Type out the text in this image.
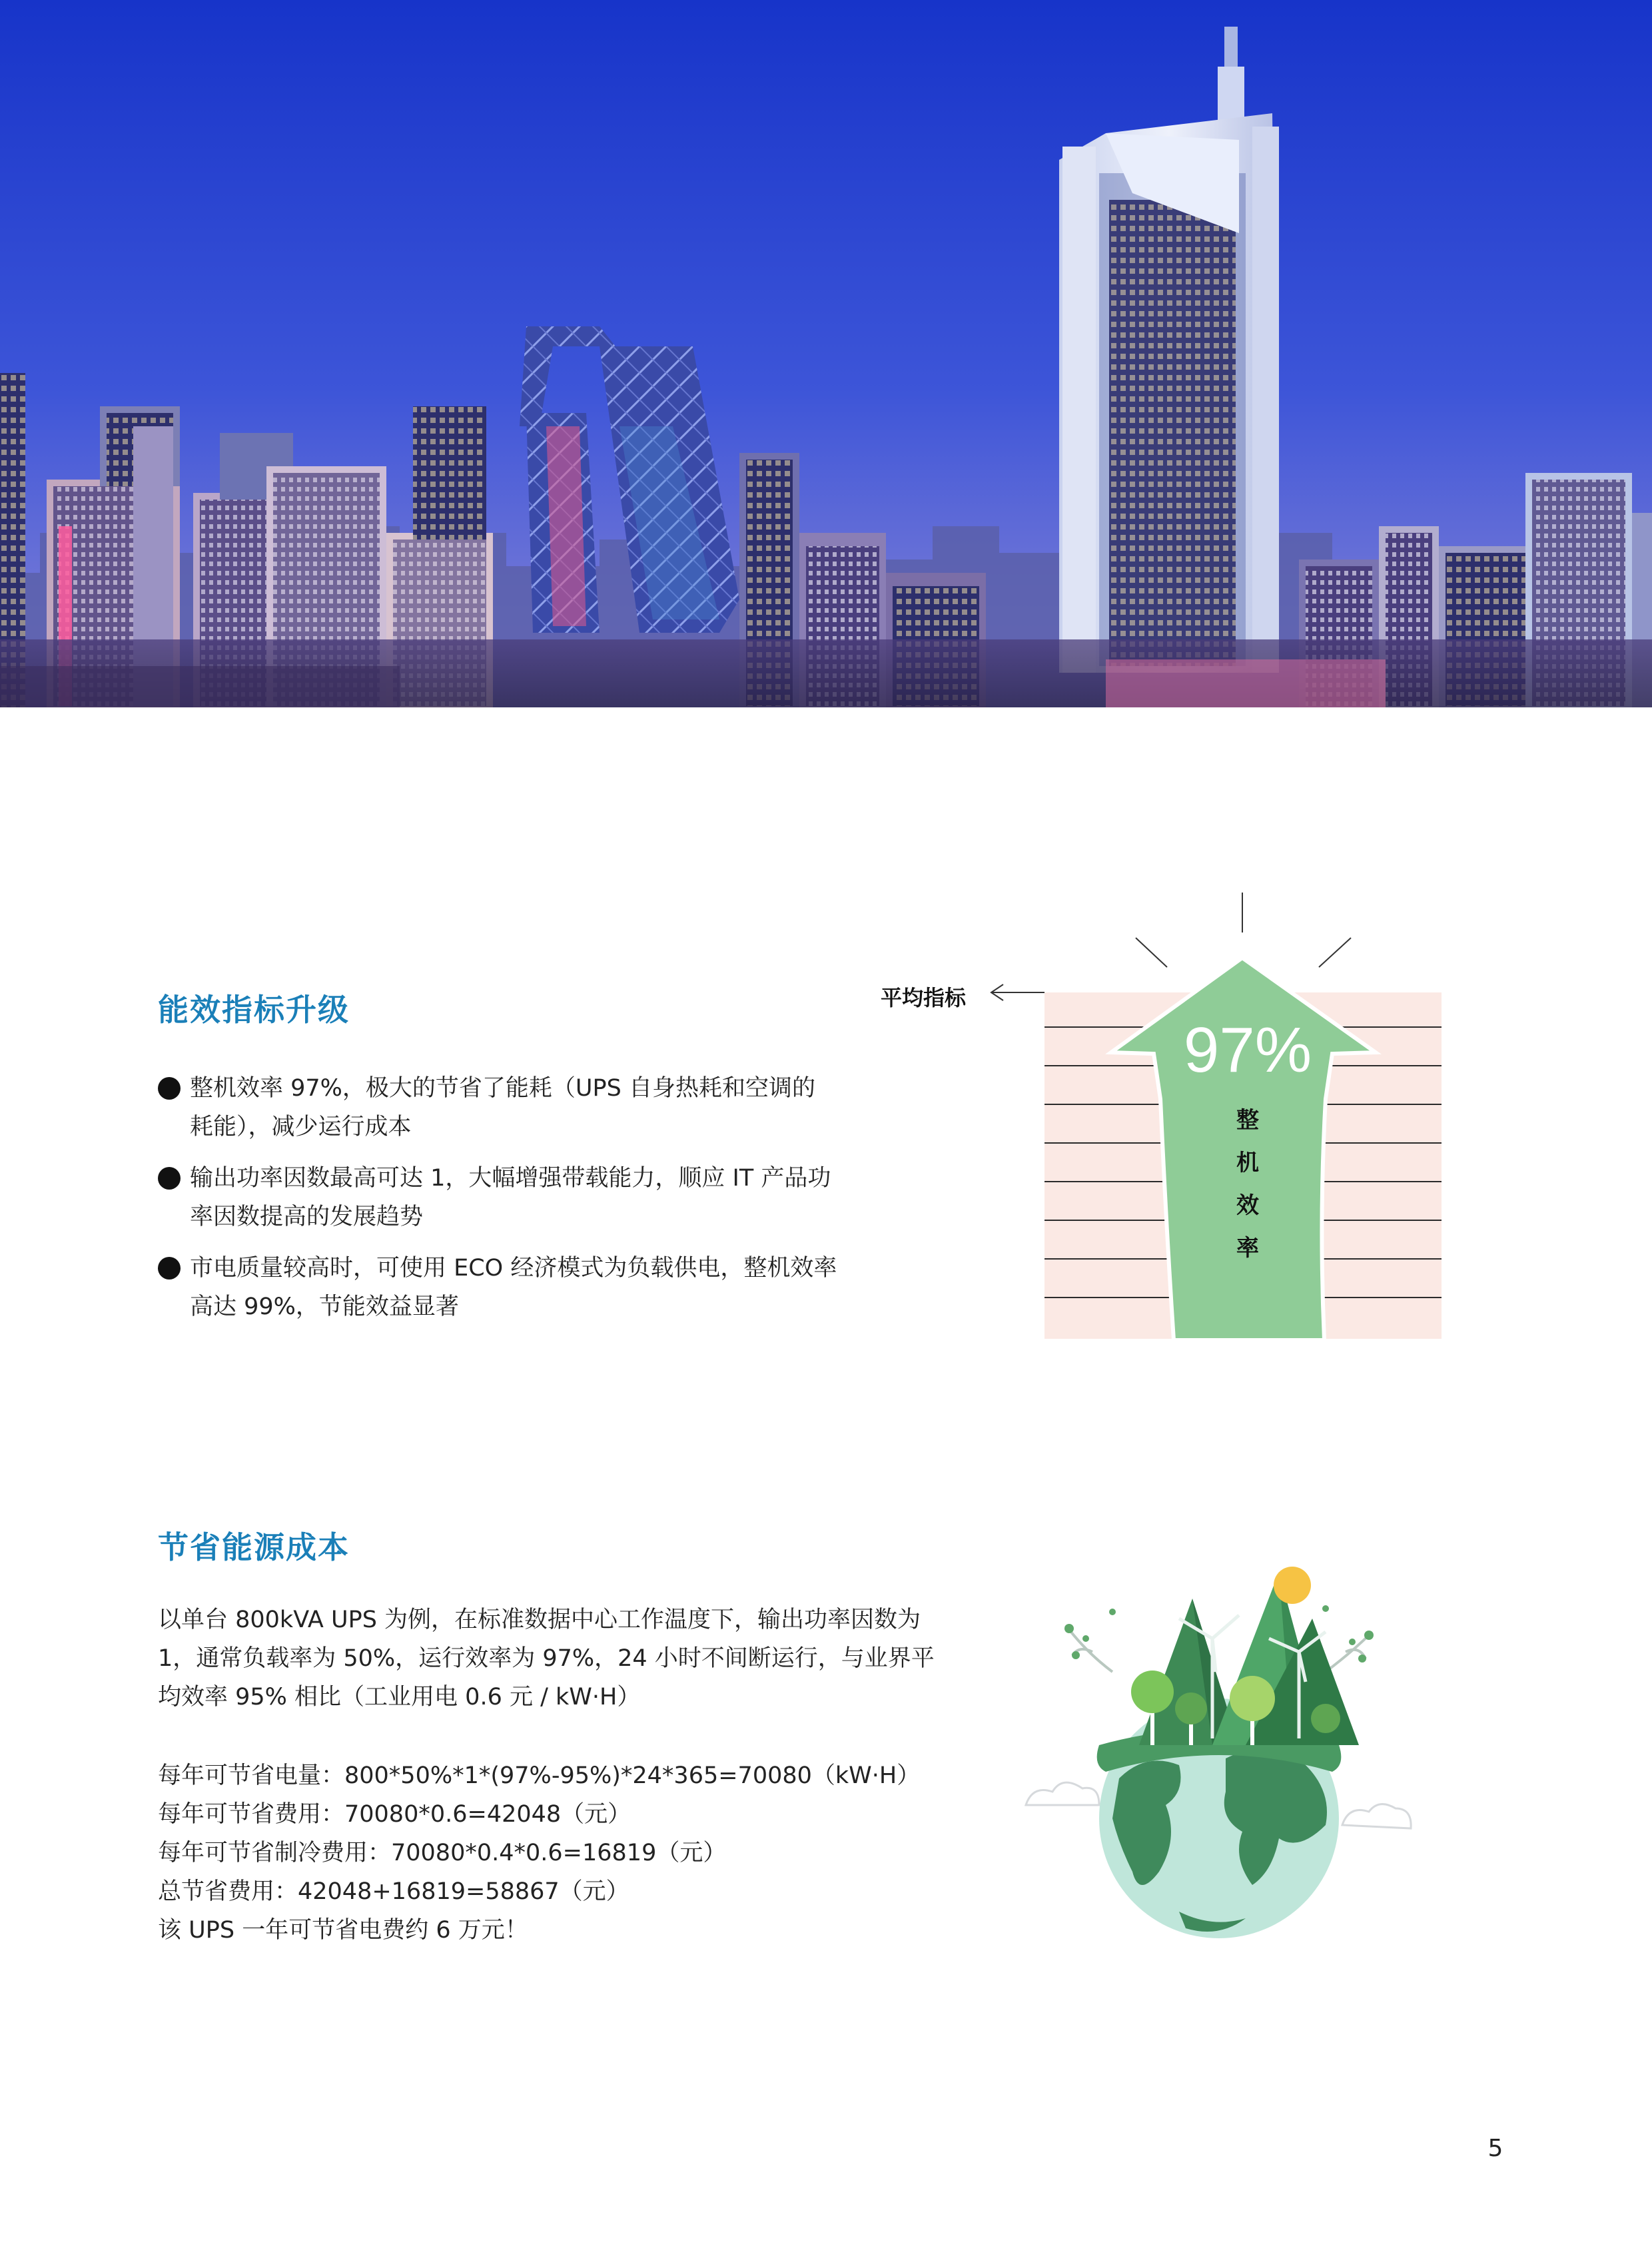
能效指标升级
整机效率 97%，极大的节省了能耗（UPS 自身热耗和空调的耗能），减少运行成本
输出功率因数最高可达 1，大幅增强带载能力，顺应 IT 产品功率因数提高的发展趋势
市电质量较高时，可使用 ECO 经济模式为负载供电，整机效率高达 99%，节能效益显著
平均指标
97%
整
机
效
率
节省能源成本

以单台 800kVA UPS 为例，在标准数据中心工作温度下，输出功率因数为 1，通常负载率为 50%，运行效率为 97%，24 小时不间断运行，与业界平均效率 95% 相比（工业用电 0.6 元 / kW·H）

每年可节省电量：800*50%*1*(97%-95%)*24*365=70080（kW·H）
每年可节省费用：70080*0.6=42048（元）
每年可节省制冷费用：70080*0.4*0.6=16819（元）
总节省费用：42048+16819=58867（元）
该 UPS 一年可节省电费约 6 万元！
5
